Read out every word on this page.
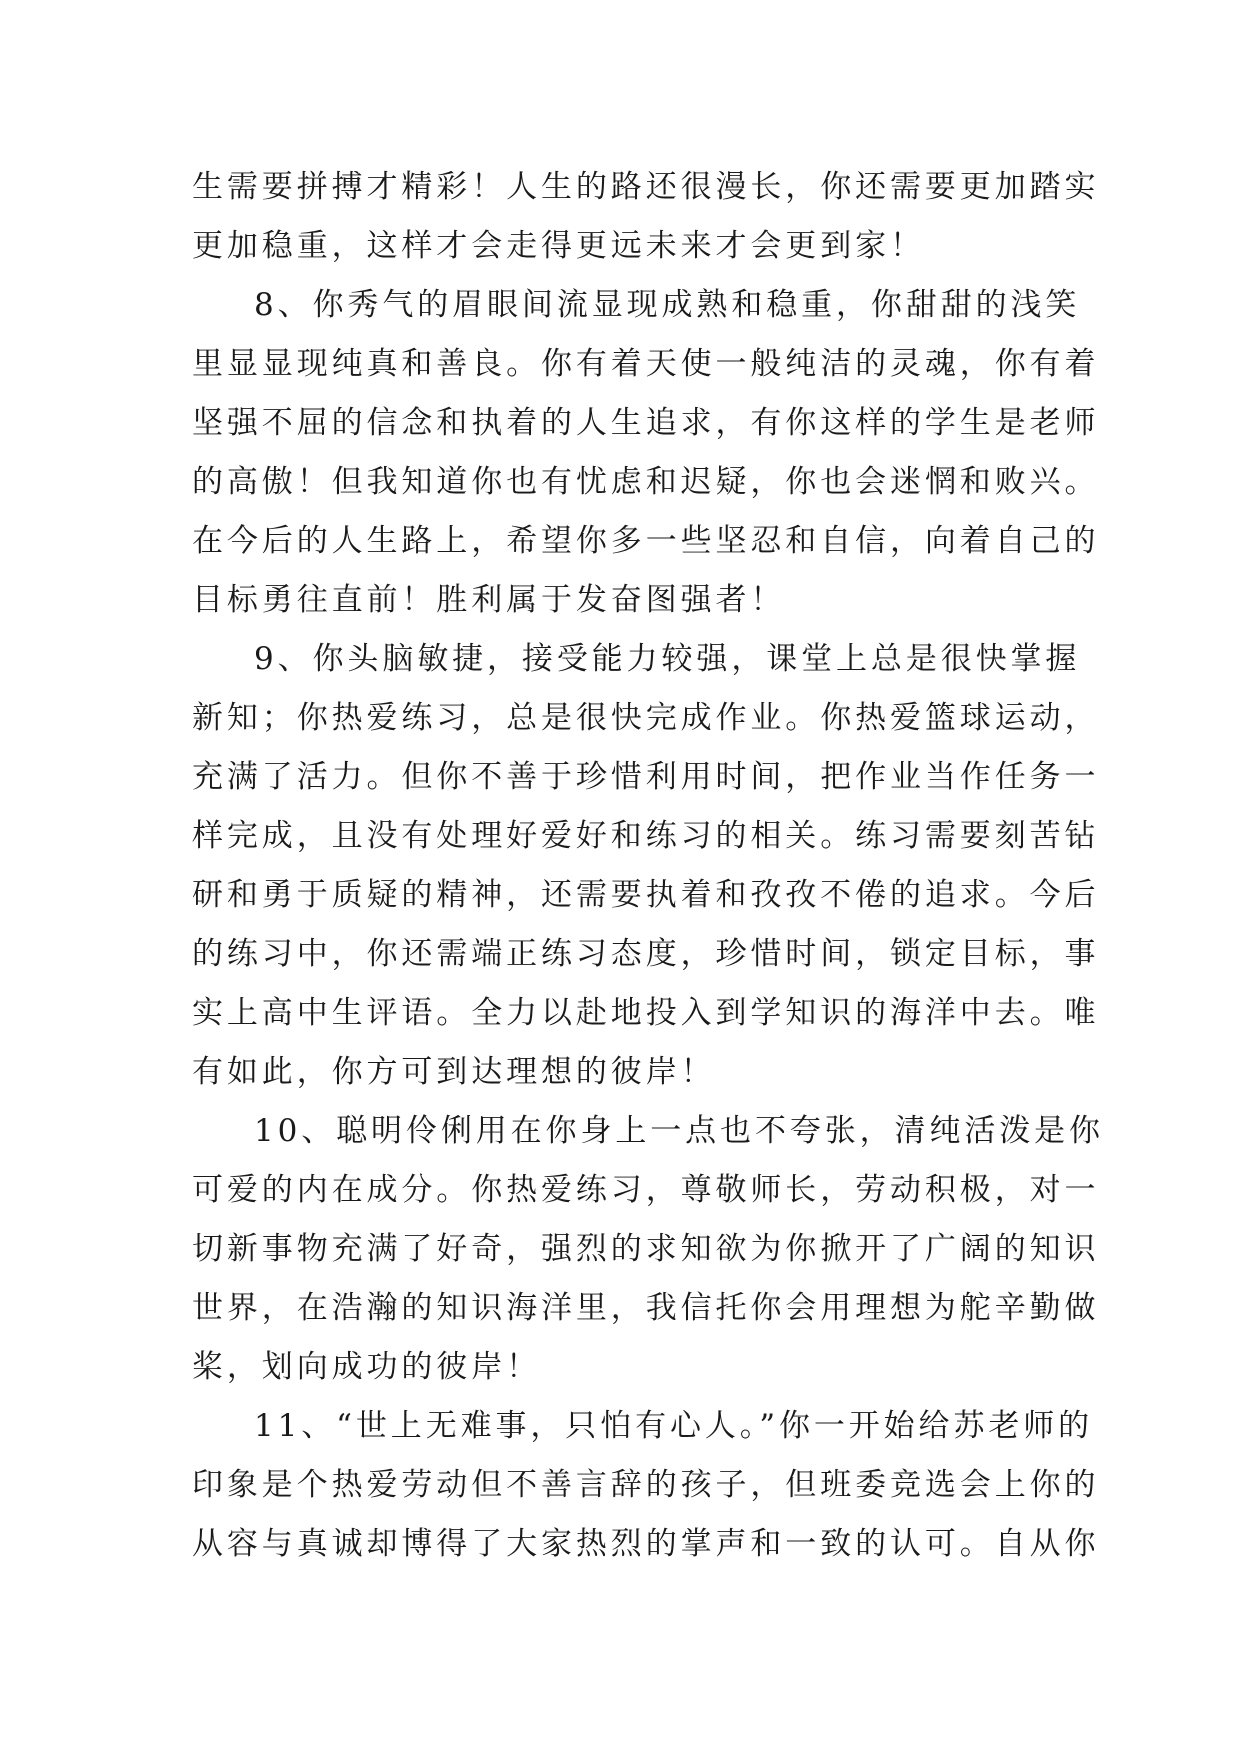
生需要拼搏才精彩！人生的路还很漫长，你还需要更加踏实
更加稳重，这样才会走得更远未来才会更到家！
8、你秀气的眉眼间流显现成熟和稳重，你甜甜的浅笑
里显显现纯真和善良。你有着天使一般纯洁的灵魂，你有着
坚强不屈的信念和执着的人生追求，有你这样的学生是老师
的高傲！但我知道你也有忧虑和迟疑，你也会迷惘和败兴。
在今后的人生路上，希望你多一些坚忍和自信，向着自己的
目标勇往直前！胜利属于发奋图强者！
9、你头脑敏捷，接受能力较强，课堂上总是很快掌握
新知；你热爱练习，总是很快完成作业。你热爱篮球运动，
充满了活力。但你不善于珍惜利用时间，把作业当作任务一
样完成，且没有处理好爱好和练习的相关。练习需要刻苦钻
研和勇于质疑的精神，还需要执着和孜孜不倦的追求。今后
的练习中，你还需端正练习态度，珍惜时间，锁定目标，事
实上高中生评语。全力以赴地投入到学知识的海洋中去。唯
有如此，你方可到达理想的彼岸！
10、聪明伶俐用在你身上一点也不夸张，清纯活泼是你
可爱的内在成分。你热爱练习，尊敬师长，劳动积极，对一
切新事物充满了好奇，强烈的求知欲为你掀开了广阔的知识
世界，在浩瀚的知识海洋里，我信托你会用理想为舵辛勤做
桨，划向成功的彼岸！
11、“世上无难事，只怕有心人。”你一开始给苏老师的
印象是个热爱劳动但不善言辞的孩子，但班委竞选会上你的
从容与真诚却博得了大家热烈的掌声和一致的认可。自从你
